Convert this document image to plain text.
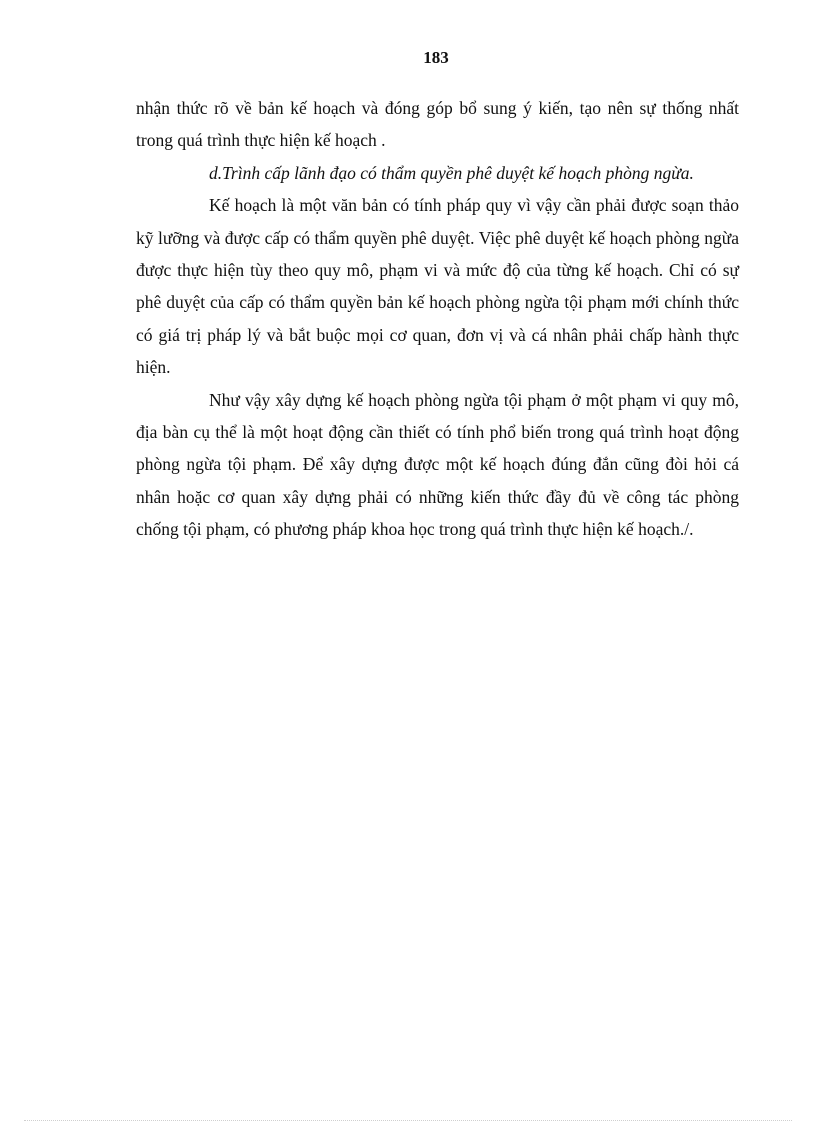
183

nhận thức rõ về bản kế hoạch và đóng góp bổ sung ý kiến, tạo nên sự thống nhất trong quá trình thực hiện kế hoạch .

d.Trình cấp lãnh đạo có thẩm quyền phê duyệt kế hoạch phòng ngừa.

Kế hoạch là một văn bản có tính pháp quy vì vậy cần phải được soạn thảo kỹ lưỡng và được cấp có thẩm quyền phê duyệt. Việc phê duyệt kế hoạch phòng ngừa được thực hiện tùy theo quy mô, phạm vi và mức độ của từng kế hoạch. Chỉ có sự phê duyệt của cấp có thẩm quyền bản kế hoạch phòng ngừa tội phạm mới chính thức có giá trị pháp lý và bắt buộc mọi cơ quan, đơn vị và cá nhân phải chấp hành thực hiện.

Như vậy xây dựng kế hoạch phòng ngừa tội phạm ở một phạm vi quy mô, địa bàn cụ thể là một hoạt động cần thiết có tính phổ biến trong quá trình hoạt động phòng ngừa tội phạm. Để xây dựng được một kế hoạch đúng đắn cũng đòi hỏi cá nhân hoặc cơ quan xây dựng phải có những kiến thức đầy đủ về công tác phòng chống tội phạm, có phương pháp khoa học trong quá trình thực hiện kế hoạch./.
